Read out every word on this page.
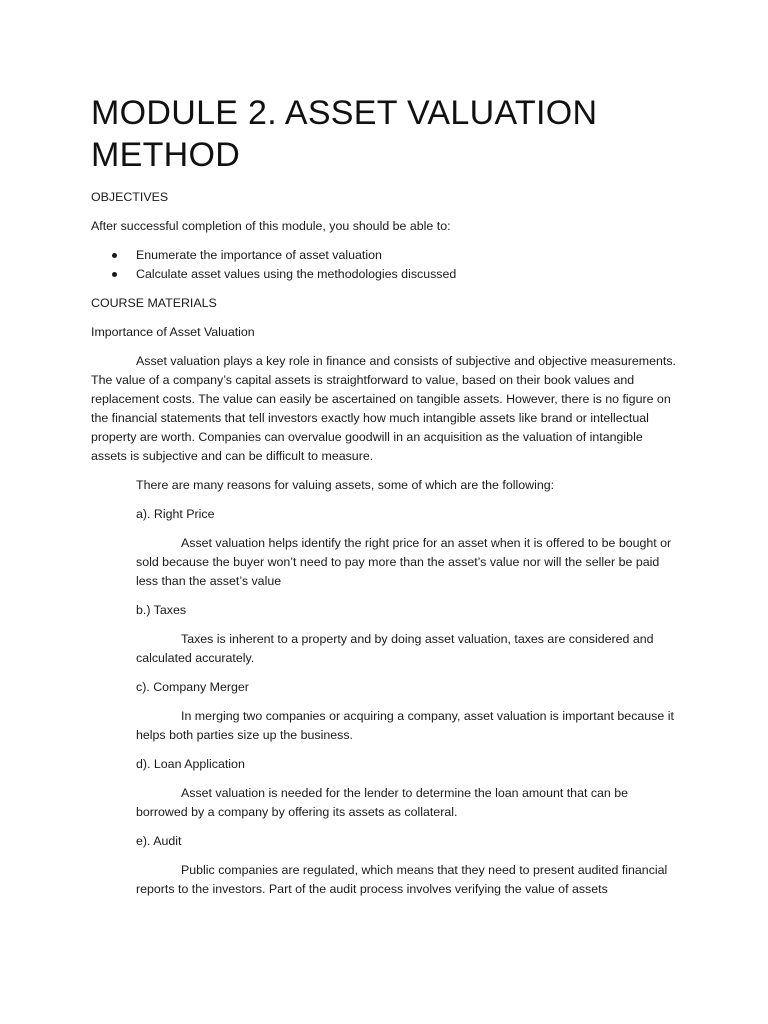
MODULE 2. ASSET VALUATION METHOD

OBJECTIVES

After successful completion of this module, you should be able to:

Enumerate the importance of asset valuation
Calculate asset values using the methodologies discussed

COURSE MATERIALS

Importance of Asset Valuation

Asset valuation plays a key role in finance and consists of subjective and objective measurements. The value of a company’s capital assets is straightforward to value, based on their book values and replacement costs. The value can easily be ascertained on tangible assets. However, there is no figure on the financial statements that tell investors exactly how much intangible assets like brand or intellectual property are worth. Companies can overvalue goodwill in an acquisition as the valuation of intangible assets is subjective and can be difficult to measure.

There are many reasons for valuing assets, some of which are the following:

a). Right Price

Asset valuation helps identify the right price for an asset when it is offered to be bought or sold because the buyer won’t need to pay more than the asset’s value nor will the seller be paid less than the asset’s value

b.) Taxes

Taxes is inherent to a property and by doing asset valuation, taxes are considered and calculated accurately.

c). Company Merger

In merging two companies or acquiring a company, asset valuation is important because it helps both parties size up the business.

d). Loan Application

Asset valuation is needed for the lender to determine the loan amount that can be borrowed by a company by offering its assets as collateral.

e). Audit

Public companies are regulated, which means that they need to present audited financial reports to the investors. Part of the audit process involves verifying the value of assets
